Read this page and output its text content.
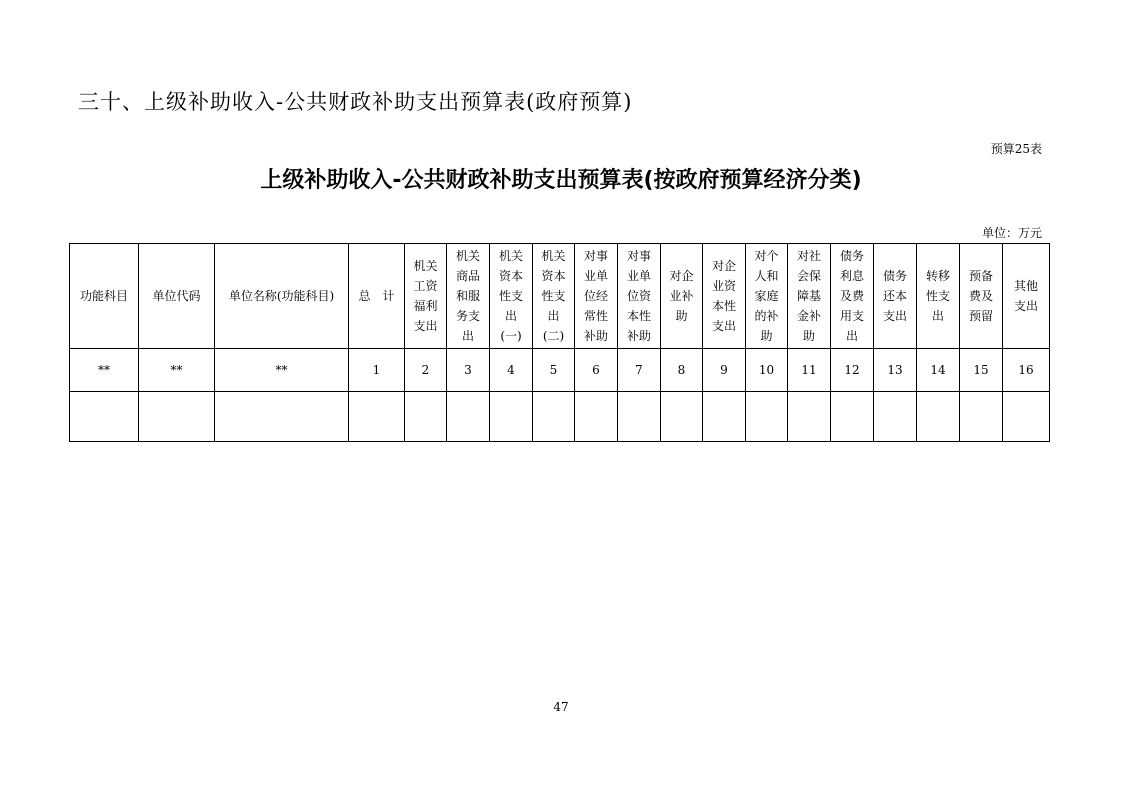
三十、上级补助收入-公共财政补助支出预算表(政府预算)
预算25表
上级补助收入-公共财政补助支出预算表(按政府预算经济分类)
单位：万元
功能科目	单位代码	单位名称(功能科目)	总　计	机关工资福利支出	机关商品和服务支出	机关资本性支出(一)	机关资本性支出(二)	对事业单位经常性补助	对事业单位资本性补助	对企业补助	对企业资本性支出	对个人和家庭的补助	对社会保障基金补助	债务利息及费用支出	债务还本支出	转移性支出	预备费及预留	其他支出
**	**	**	1	2	3	4	5	6	7	8	9	10	11	12	13	14	15	16

47
